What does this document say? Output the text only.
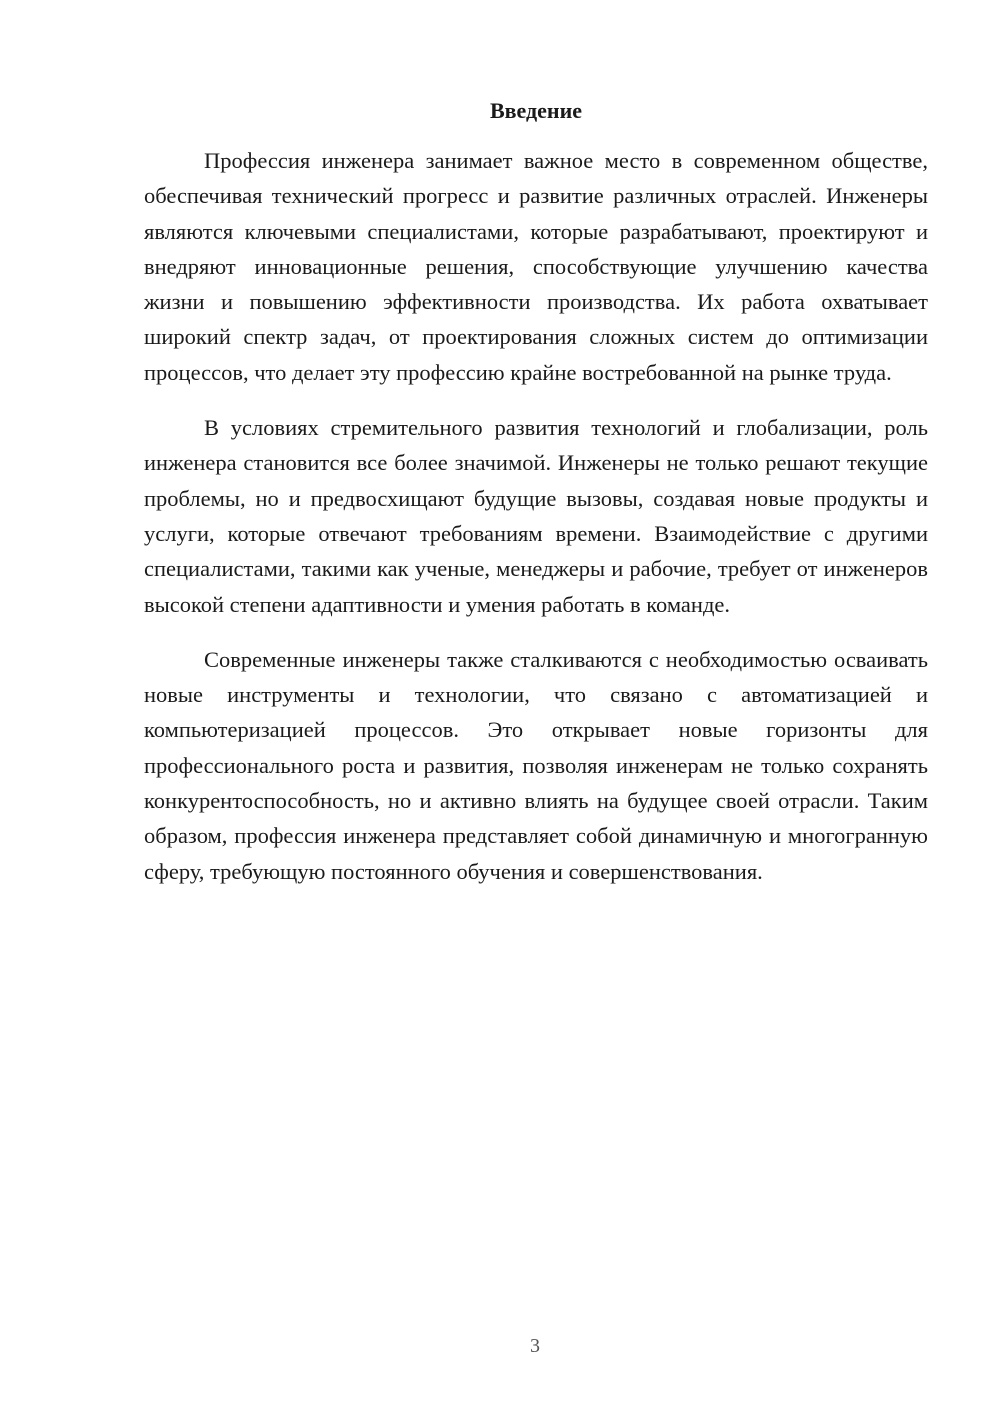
Введение

Профессия инженера занимает важное место в современном обществе, обеспечивая технический прогресс и развитие различных отраслей. Инженеры являются ключевыми специалистами, которые разрабатывают, проектируют и внедряют инновационные решения, способствующие улучшению качества жизни и повышению эффективности производства. Их работа охватывает широкий спектр задач, от проектирования сложных систем до оптимизации процессов, что делает эту профессию крайне востребованной на рынке труда.

В условиях стремительного развития технологий и глобализации, роль инженера становится все более значимой. Инженеры не только решают текущие проблемы, но и предвосхищают будущие вызовы, создавая новые продукты и услуги, которые отвечают требованиям времени. Взаимодействие с другими специалистами, такими как ученые, менеджеры и рабочие, требует от инженеров высокой степени адаптивности и умения работать в команде.

Современные инженеры также сталкиваются с необходимостью осваивать новые инструменты и технологии, что связано с автоматизацией и компьютеризацией процессов. Это открывает новые горизонты для профессионального роста и развития, позволяя инженерам не только сохранять конкурентоспособность, но и активно влиять на будущее своей отрасли. Таким образом, профессия инженера представляет собой динамичную и многогранную сферу, требующую постоянного обучения и совершенствования.

3
